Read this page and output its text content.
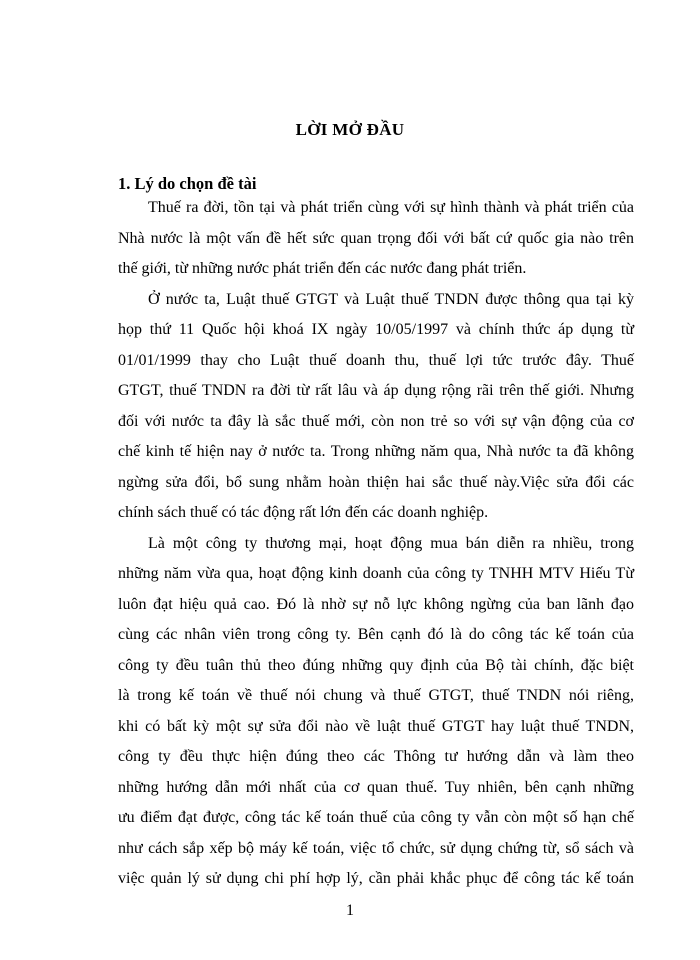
LỜI MỞ ĐẦU
1. Lý do chọn đề tài
Thuế ra đời, tồn tại và phát triển cùng với sự hình thành và phát triển của
Nhà nước là một vấn đề hết sức quan trọng đối với bất cứ quốc gia nào trên
thế giới, từ những nước phát triển đến các nước đang phát triển.
Ở nước ta, Luật thuế GTGT và Luật thuế TNDN được thông qua tại kỳ
họp thứ 11 Quốc hội khoá IX ngày 10/05/1997 và chính thức áp dụng từ
01/01/1999 thay cho Luật thuế doanh thu, thuế lợi tức trước đây. Thuế
GTGT, thuế TNDN ra đời từ rất lâu và áp dụng rộng rãi trên thế giới. Nhưng
đối với nước ta đây là sắc thuế mới, còn non trẻ so với sự vận động của cơ
chế kinh tế hiện nay ở nước ta. Trong những năm qua, Nhà nước ta đã không
ngừng sửa đổi, bổ sung nhằm hoàn thiện hai sắc thuế này.Việc sửa đổi các
chính sách thuế có tác động rất lớn đến các doanh nghiệp.
Là một công ty thương mại, hoạt động mua bán diễn ra nhiều, trong
những năm vừa qua, hoạt động kinh doanh của công ty TNHH MTV Hiếu Từ
luôn đạt hiệu quả cao. Đó là nhờ sự nỗ lực không ngừng của ban lãnh đạo
cùng các nhân viên trong công ty. Bên cạnh đó là do công tác kế toán của
công ty đều tuân thủ theo đúng những quy định của Bộ tài chính, đặc biệt
là trong kế toán về thuế nói chung và thuế GTGT, thuế TNDN nói riêng,
khi có bất kỳ một sự sửa đổi nào về luật thuế GTGT hay luật thuế TNDN,
công ty đều thực hiện đúng theo các Thông tư hướng dẫn và làm theo
những hướng dẫn mới nhất của cơ quan thuế. Tuy nhiên, bên cạnh những
ưu điểm đạt được, công tác kế toán thuế của công ty vẫn còn một số hạn chế
như cách sắp xếp bộ máy kế toán, việc tổ chức, sử dụng chứng từ, sổ sách và
việc quản lý sử dụng chi phí hợp lý, cần phải khắc phục để công tác kế toán
1
